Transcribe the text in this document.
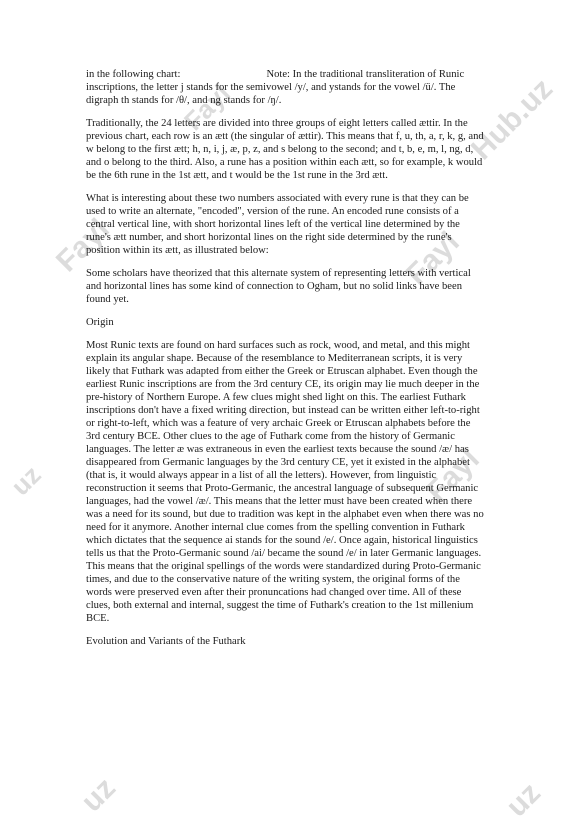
Fayl	Hub.uz
Fayl	Fayl
uz	Fayl
uz	uz

in the following chart:	Note: In the traditional transliteration of Runic inscriptions, the letter j stands for the semivowel /y/, and ystands for the vowel /ü/. The digraph th stands for /θ/, and ng stands for /ŋ/.

Traditionally, the 24 letters are divided into three groups of eight letters called ættir. In the previous chart, each row is an ætt (the singular of ættir). This means that f, u, th, a, r, k, g, and w belong to the first ætt; h, n, i, j, æ, p, z, and s belong to the second; and t, b, e, m, l, ng, d, and o belong to the third. Also, a rune has a position within each ætt, so for example, k would be the 6th rune in the 1st ætt, and t would be the 1st rune in the 3rd ætt.

What is interesting about these two numbers associated with every rune is that they can be used to write an alternate, "encoded", version of the rune. An encoded rune consists of a central vertical line, with short horizontal lines left of the vertical line determined by the rune's ætt number, and short horizontal lines on the right side determined by the rune's position within its ætt, as illustrated below:

Some scholars have theorized that this alternate system of representing letters with vertical and horizontal lines has some kind of connection to Ogham, but no solid links have been found yet.

Origin

Most Runic texts are found on hard surfaces such as rock, wood, and metal, and this might explain its angular shape. Because of the resemblance to Mediterranean scripts, it is very likely that Futhark was adapted from either the Greek or Etruscan alphabet. Even though the earliest Runic inscriptions are from the 3rd century CE, its origin may lie much deeper in the pre-history of Northern Europe. A few clues might shed light on this. The earliest Futhark inscriptions don't have a fixed writing direction, but instead can be written either left-to-right or right-to-left, which was a feature of very archaic Greek or Etruscan alphabets before the 3rd century BCE. Other clues to the age of Futhark come from the history of Germanic languages. The letter æ was extraneous in even the earliest texts because the sound /æ/ has disappeared from Germanic languages by the 3rd century CE, yet it existed in the alphabet (that is, it would always appear in a list of all the letters). However, from linguistic reconstruction it seems that Proto-Germanic, the ancestral language of subsequent Germanic languages, had the vowel /æ/. This means that the letter must have been created when there was a need for its sound, but due to tradition was kept in the alphabet even when there was no need for it anymore. Another internal clue comes from the spelling convention in Futhark which dictates that the sequence ai stands for the sound /e/. Once again, historical linguistics tells us that the Proto-Germanic sound /ai/ became the sound /e/ in later Germanic languages. This means that the original spellings of the words were standardized during Proto-Germanic times, and due to the conservative nature of the writing system, the original forms of the words were preserved even after their pronuncations had changed over time. All of these clues, both external and internal, suggest the time of Futhark's creation to the 1st millenium BCE.

Evolution and Variants of the Futhark
